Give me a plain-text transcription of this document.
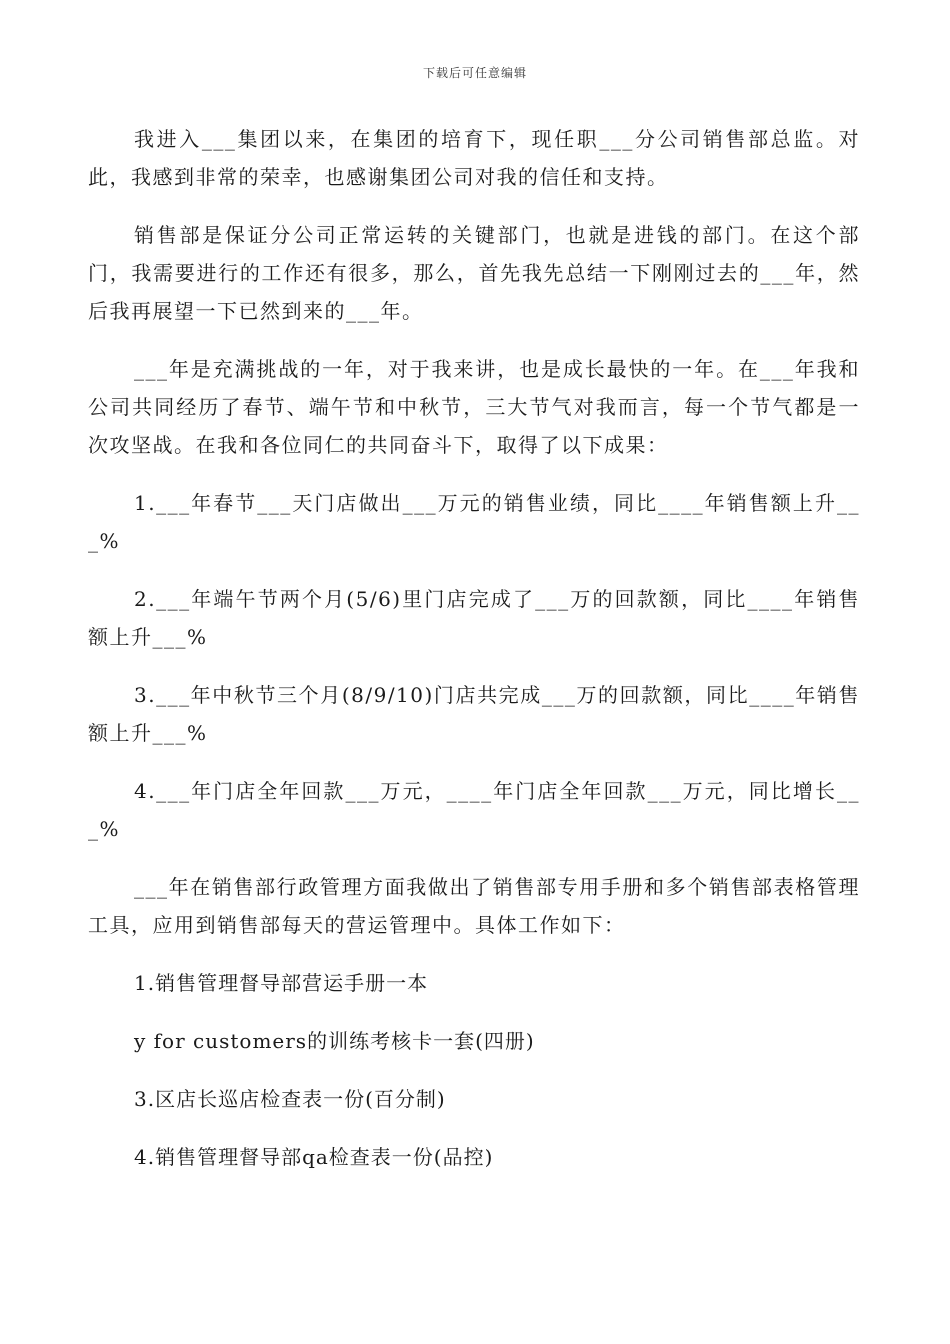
下载后可任意编辑

我进入___集团以来，在集团的培育下，现任职___分公司销售部总监。对此，我感到非常的荣幸，也感谢集团公司对我的信任和支持。

销售部是保证分公司正常运转的关键部门，也就是进钱的部门。在这个部门，我需要进行的工作还有很多，那么，首先我先总结一下刚刚过去的___年，然后我再展望一下已然到来的___年。

___年是充满挑战的一年，对于我来讲，也是成长最快的一年。在___年我和公司共同经历了春节、端午节和中秋节，三大节气对我而言，每一个节气都是一次攻坚战。在我和各位同仁的共同奋斗下，取得了以下成果：

1.___年春节___天门店做出___万元的销售业绩，同比____年销售额上升___%

2.___年端午节两个月(5/6)里门店完成了___万的回款额，同比____年销售额上升___%

3.___年中秋节三个月(8/9/10)门店共完成___万的回款额，同比____年销售额上升___%

4.___年门店全年回款___万元，____年门店全年回款___万元，同比增长___%

___年在销售部行政管理方面我做出了销售部专用手册和多个销售部表格管理工具，应用到销售部每天的营运管理中。具体工作如下：

1.销售管理督导部营运手册一本
y for customers的训练考核卡一套(四册)
3.区店长巡店检查表一份(百分制)
4.销售管理督导部qa检查表一份(品控)
